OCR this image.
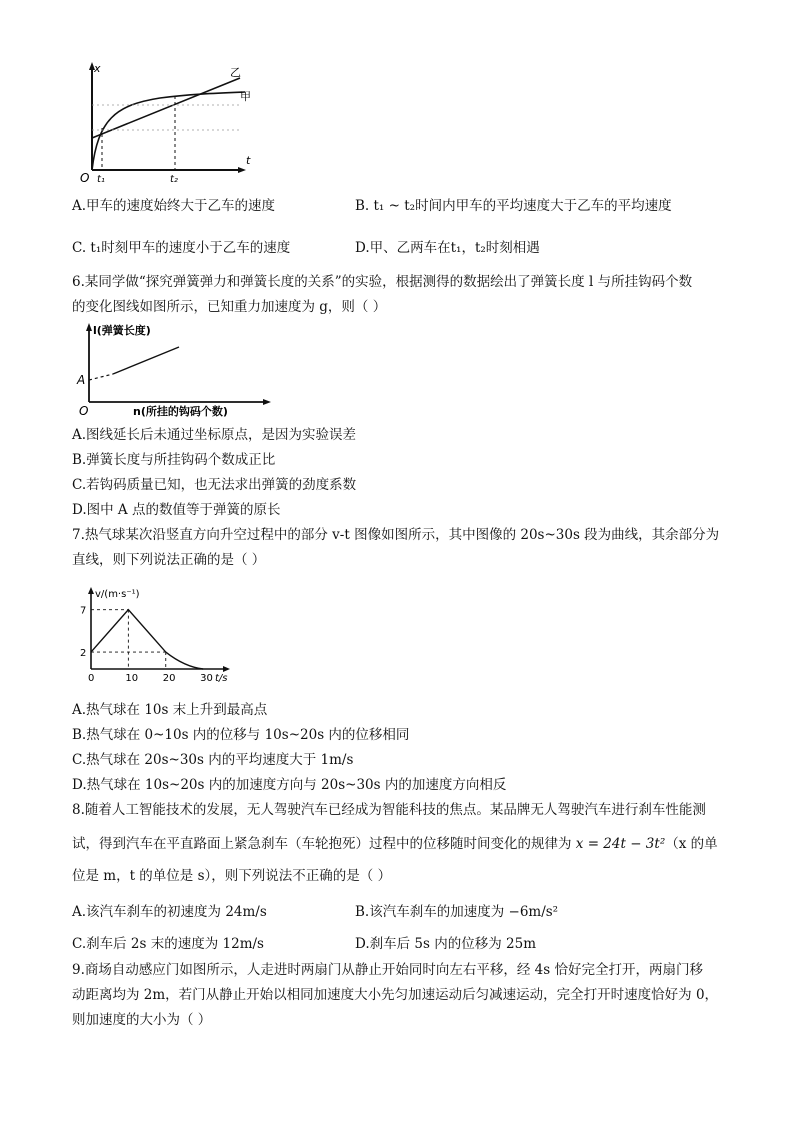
x
t
O t₁	t₂
乙
甲
A.甲车的速度始终大于乙车的速度	B. t₁ ~ t₂时间内甲车的平均速度大于乙车的平均速度
C. t₁时刻甲车的速度小于乙车的速度	D.甲、乙两车在t₁，t₂时刻相遇
6.某同学做“探究弹簧弹力和弹簧长度的关系”的实验，根据测得的数据绘出了弹簧长度 l 与所挂钩码个数
的变化图线如图所示，已知重力加速度为 g，则（ ）
l(弹簧长度)
A
O	n(所挂的钩码个数)
A.图线延长后未通过坐标原点，是因为实验误差
B.弹簧长度与所挂钩码个数成正比
C.若钩码质量已知，也无法求出弹簧的劲度系数
D.图中 A 点的数值等于弹簧的原长
7.热气球某次沿竖直方向升空过程中的部分 v-t 图像如图所示，其中图像的 20s~30s 段为曲线，其余部分为
直线，则下列说法正确的是（ ）
v/(m·s⁻¹)
t/s
0	10 20 30
2
7
A.热气球在 10s 末上升到最高点
B.热气球在 0~10s 内的位移与 10s~20s 内的位移相同
C.热气球在 20s~30s 内的平均速度大于 1m/s
D.热气球在 10s~20s 内的加速度方向与 20s~30s 内的加速度方向相反
8.随着人工智能技术的发展，无人驾驶汽车已经成为智能科技的焦点。某品牌无人驾驶汽车进行刹车性能测
试，得到汽车在平直路面上紧急刹车（车轮抱死）过程中的位移随时间变化的规律为 x = 24t − 3t²（x 的单
位是 m，t 的单位是 s），则下列说法不正确的是（ ）
A.该汽车刹车的初速度为 24m/s	B.该汽车刹车的加速度为 −6m/s²
C.刹车后 2s 末的速度为 12m/s	D.刹车后 5s 内的位移为 25m
9.商场自动感应门如图所示，人走进时两扇门从静止开始同时向左右平移，经 4s 恰好完全打开，两扇门移
动距离均为 2m，若门从静止开始以相同加速度大小先匀加速运动后匀减速运动，完全打开时速度恰好为 0，
则加速度的大小为（ ）
